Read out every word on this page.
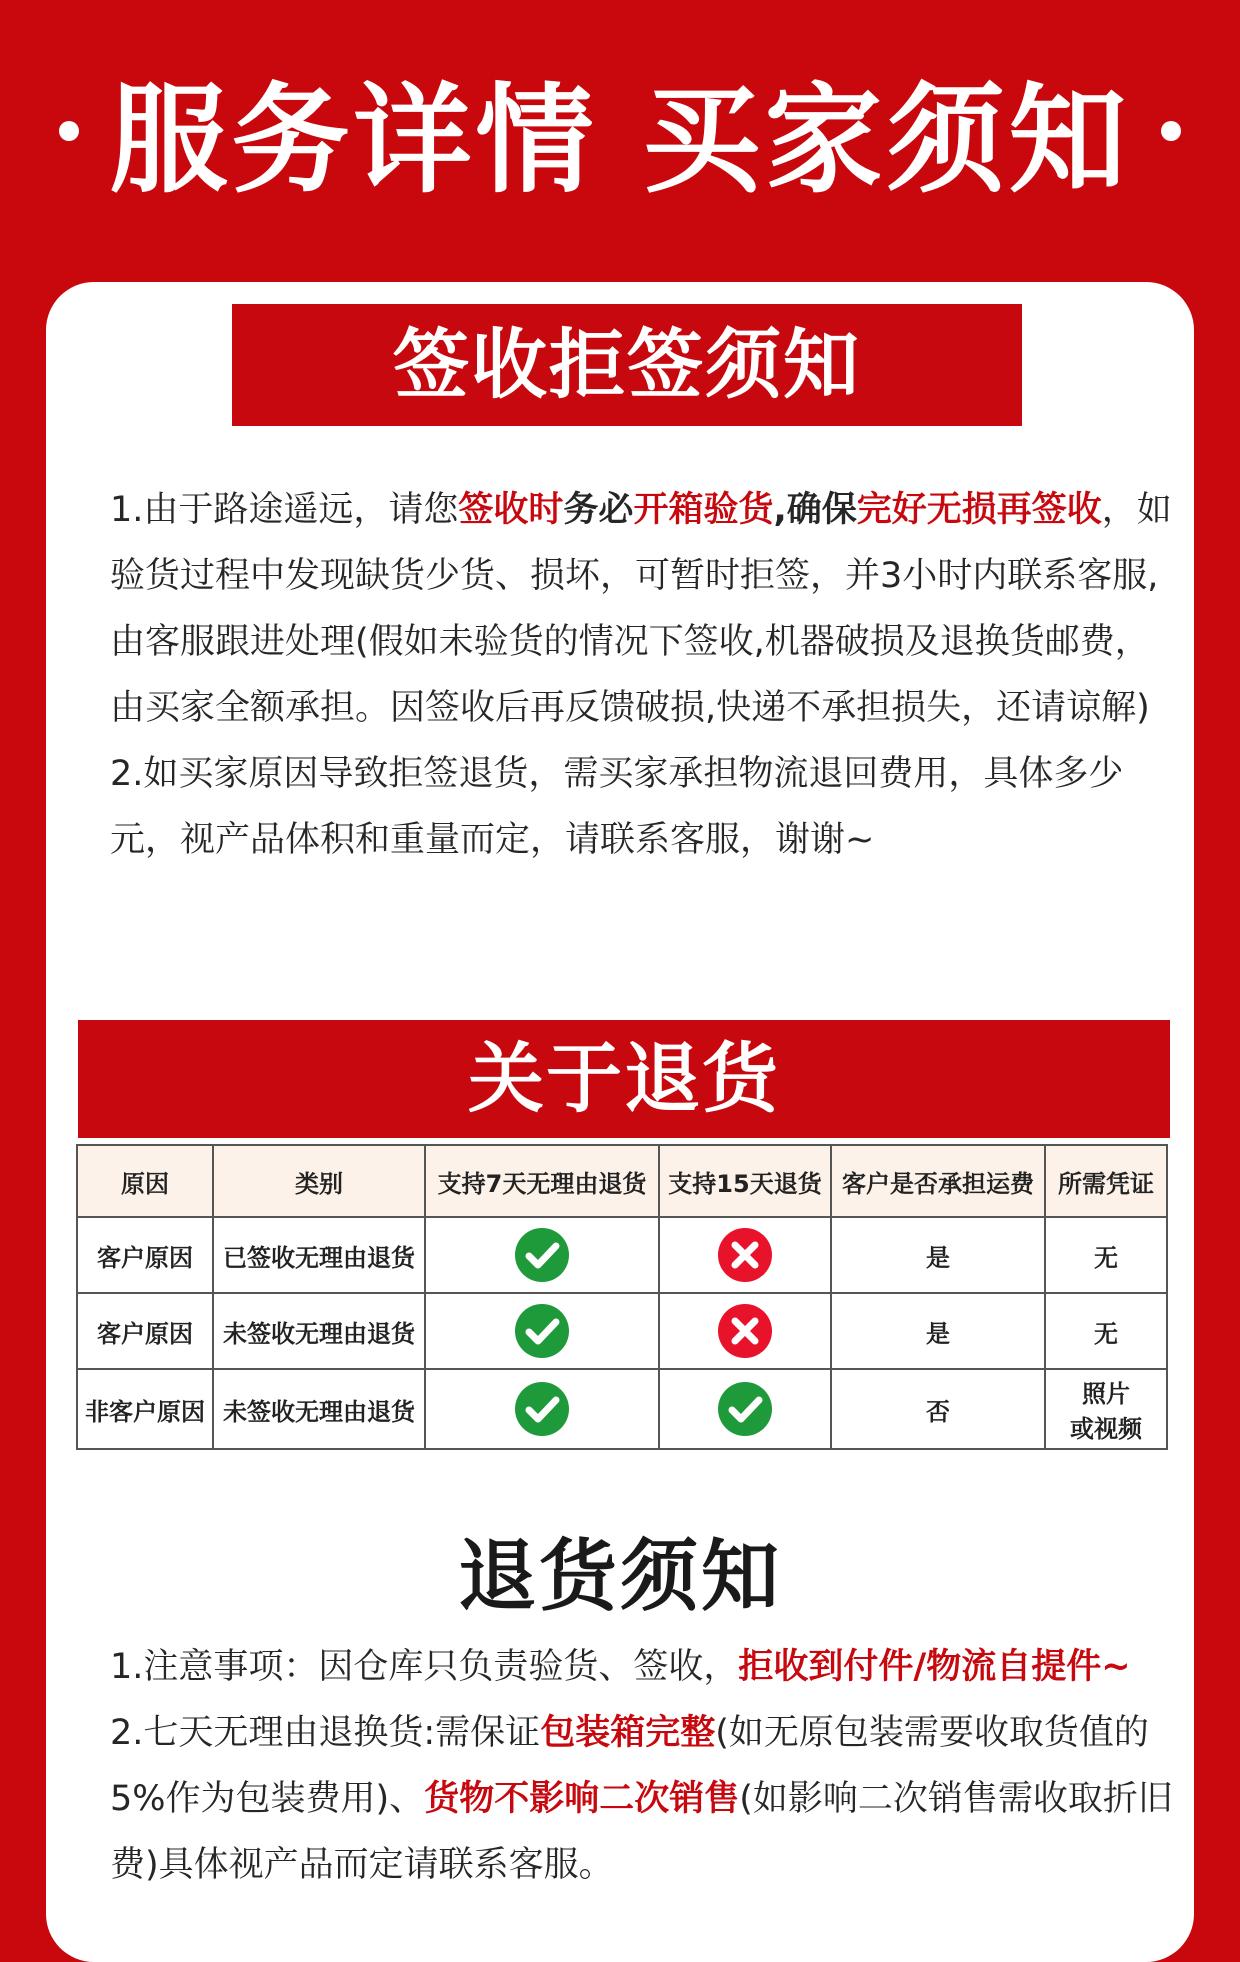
服务详情 买家须知
签收拒签须知

1.由于路途遥远，请您签收时务必开箱验货,确保完好无损再签收，如验货过程中发现缺货少货、损坏，可暂时拒签，并3小时内联系客服,由客服跟进处理(假如未验货的情况下签收,机器破损及退换货邮费，由买家全额承担。因签收后再反馈破损,快递不承担损失，还请谅解)

2.如买家原因导致拒签退货，需买家承担物流退回费用，具体多少元，视产品体积和重量而定，请联系客服，谢谢~

关于退货
原因	类别	支持7天无理由退货	支持15天退货	客户是否承担运费	所需凭证
客户原因	已签收无理由退货			是	无
客户原因	未签收无理由退货			是	无
非客户原因	未签收无理由退货			否	照片
或视频
退货须知

1.注意事项：因仓库只负责验货、签收，拒收到付件/物流自提件~

2.七天无理由退换货:需保证包装箱完整(如无原包装需要收取货值的5%作为包装费用)、货物不影响二次销售(如影响二次销售需收取折旧费)具体视产品而定请联系客服。
